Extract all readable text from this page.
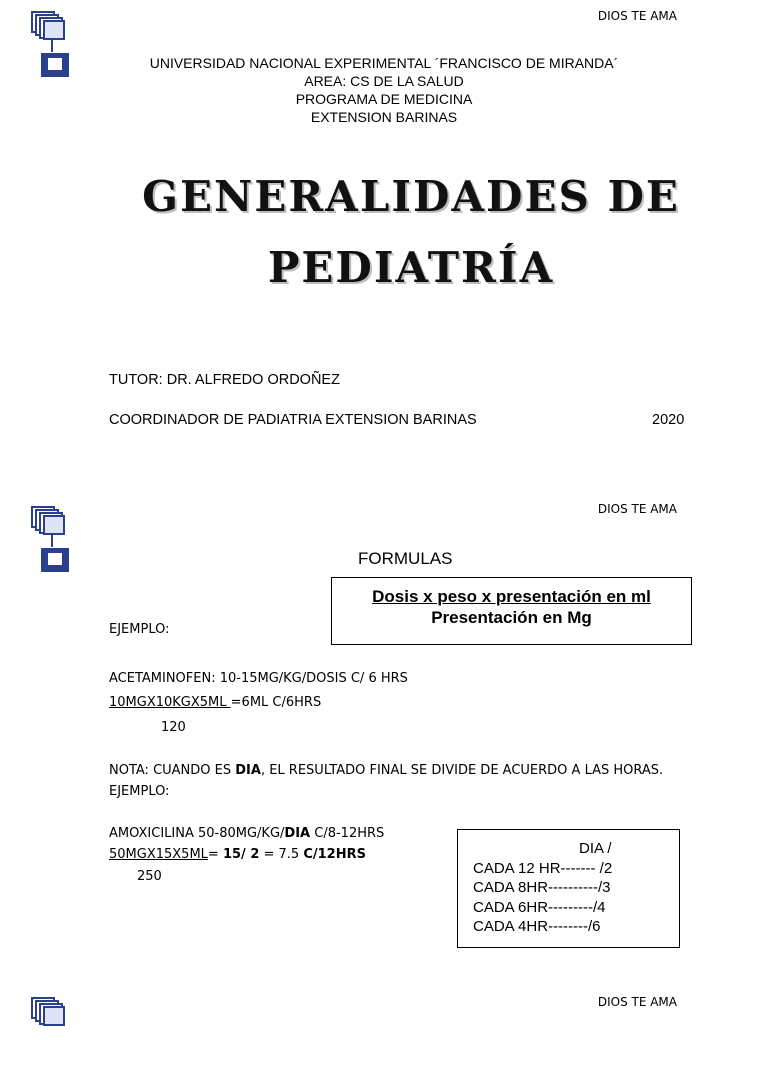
DIOS TE AMA
UNIVERSIDAD NACIONAL EXPERIMENTAL ´FRANCISCO DE MIRANDA´
AREA: CS DE LA SALUD
PROGRAMA DE MEDICINA
EXTENSION BARINAS
GENERALIDADES DE
PEDIATRÍA
TUTOR: DR. ALFREDO ORDOÑEZ
COORDINADOR DE PADIATRIA EXTENSION BARINAS	2020
DIOS TE AMA
FORMULAS
Dosis x peso x presentación en ml
Presentación en Mg
EJEMPLO:
ACETAMINOFEN: 10-15MG/KG/DOSIS C/ 6 HRS
10MGX10KGX5ML =6ML C/6HRS
120
NOTA: CUANDO ES DIA, EL RESULTADO FINAL SE DIVIDE DE ACUERDO A LAS HORAS.
EJEMPLO:
AMOXICILINA 50-80MG/KG/DIA C/8-12HRS
50MGX15X5ML= 15/ 2 = 7.5 C/12HRS
250
DIA /
CADA 12 HR------- /2
CADA 8HR----------/3
CADA 6HR---------/4
CADA 4HR--------/6
DIOS TE AMA
